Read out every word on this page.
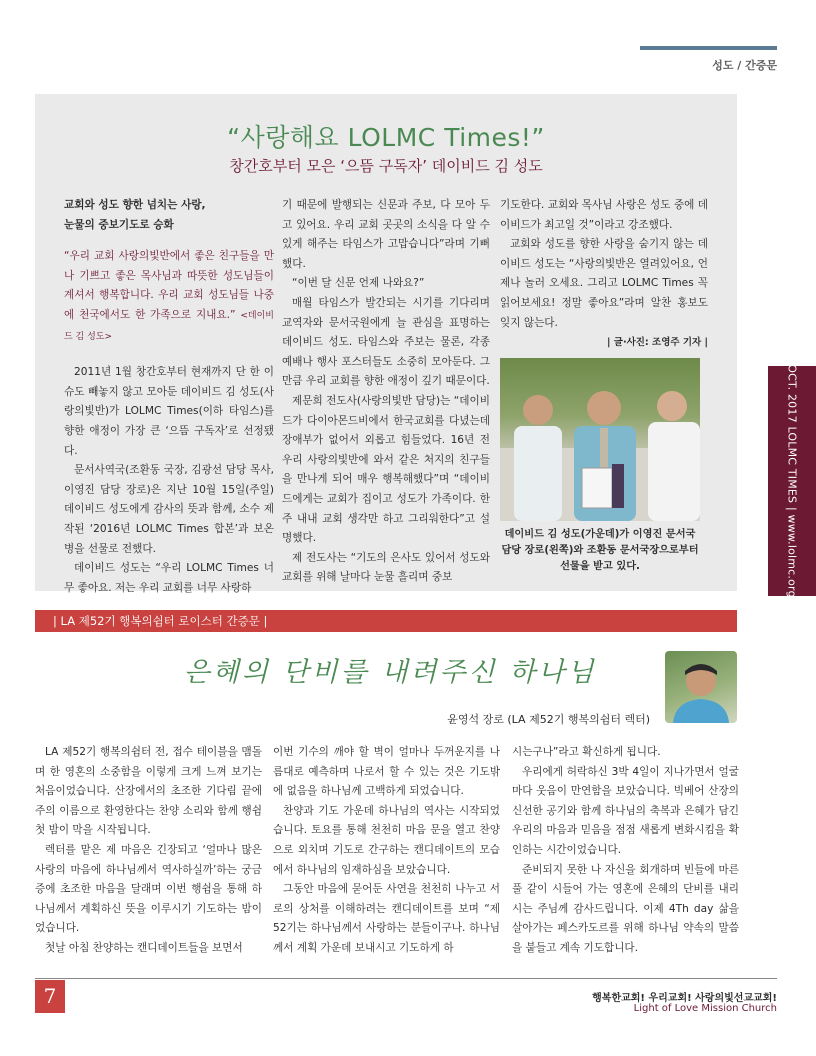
성도 / 간증문
OCT. 2017 LOLMC TIMES | www.lolmc.org
“사랑해요 LOLMC Times!”
창간호부터 모은 ‘으뜸 구독자’ 데이비드 김 성도

교회와 성도 향한 넘치는 사랑,

눈물의 중보기도로 승화

“우리 교회 사랑의빛반에서 좋은 친구들을 만나 기쁘고 좋은 목사님과 따뜻한 성도님들이 계셔서 행복합니다. 우리 교회 성도님들 나중에 천국에서도 한 가족으로 지내요.” <데이비드 김 성도>

2011년 1월 창간호부터 현재까지 단 한 이슈도 빼놓지 않고 모아둔 데이비드 김 성도(사랑의빛반)가 LOLMC Times(이하 타임스)를 향한 애정이 가장 큰 ‘으뜸 구독자’로 선정됐다.

문서사역국(조환동 국장, 김광선 담당 목사, 이영진 담당 장로)은 지난 10월 15일(주일) 데이비드 성도에게 감사의 뜻과 함께, 소수 제작된 ‘2016년 LOLMC Times 합본’과 보온병을 선물로 전했다.

데이비드 성도는 “우리 LOLMC Times 너무 좋아요. 저는 우리 교회를 너무 사랑하

기 때문에 발행되는 신문과 주보, 다 모아 두고 있어요. 우리 교회 곳곳의 소식을 다 알 수 있게 해주는 타임스가 고맙습니다”라며 기뻐했다.

“이번 달 신문 언제 나와요?”

매월 타임스가 발간되는 시기를 기다리며 교역자와 문서국원에게 늘 관심을 표명하는 데이비드 성도. 타임스와 주보는 물론, 각종 예배나 행사 포스터들도 소중히 모아둔다. 그만큼 우리 교회를 향한 애정이 깊기 때문이다.

제문희 전도사(사랑의빛반 담당)는 “데이비드가 다이아몬드비에서 한국교회를 다녔는데 장애부가 없어서 외롭고 힘들었다. 16년 전 우리 사랑의빛반에 와서 같은 처지의 친구들을 만나게 되어 매우 행복해했다”며 “데이비드에게는 교회가 집이고 성도가 가족이다. 한 주 내내 교회 생각만 하고 그리워한다”고 설명했다.

제 전도사는 “기도의 은사도 있어서 성도와 교회를 위해 날마다 눈물 흘리며 중보

기도한다. 교회와 목사님 사랑은 성도 중에 데이비드가 최고일 것”이라고 강조했다.

교회와 성도를 향한 사랑을 숨기지 않는 데이비드 성도는 “사랑의빛반은 열려있어요, 언제나 놀러 오세요. 그리고 LOLMC Times 꼭 읽어보세요! 정말 좋아요”라며 알찬 홍보도 잊지 않는다.

| 글·사진: 조영주 기자 |

데이비드 김 성도(가운데)가 이영진 문서국 담당 장로(왼쪽)와 조환동 문서국장으로부터 선물을 받고 있다.
| LA 제52기 행복의쉼터 로이스터 간증문 |
은혜의 단비를 내려주신 하나님
윤영석 장로 (LA 제52기 행복의쉼터 렉터)

LA 제52기 행복의쉼터 전, 접수 테이블을 맴돌며 한 영혼의 소중함을 이렇게 크게 느껴 보기는 처음이었습니다. 산장에서의 초조한 기다림 끝에 주의 이름으로 환영한다는 찬양 소리와 함께 행쉼 첫 밤이 막을 시작됩니다.

렉터를 맡은 제 마음은 긴장되고 ‘얼마나 많은 사랑의 마음에 하나님께서 역사하실까’하는 궁금증에 초조한 마음을 달래며 이번 행쉼을 통해 하나님께서 계획하신 뜻을 이루시기 기도하는 밤이었습니다.

첫날 아침 찬양하는 캔디데이트들을 보면서

이번 기수의 깨야 할 벽이 얼마나 두꺼운지를 나름대로 예측하며 나로서 할 수 있는 것은 기도밖에 없음을 하나님께 고백하게 되었습니다.

찬양과 기도 가운데 하나님의 역사는 시작되었습니다. 토요를 통해 천천히 마음 문을 열고 찬양으로 외치며 기도로 간구하는 캔디데이트의 모습에서 하나님의 임재하심을 보았습니다.

그동안 마음에 묻어둔 사연을 천천히 나누고 서로의 상처를 이해하려는 캔디데이트를 보며 “제52기는 하나님께서 사랑하는 분들이구나. 하나님께서 계획 가운데 보내시고 기도하게 하

시는구나”라고 확신하게 됩니다.

우리에게 허락하신 3박 4일이 지나가면서 얼굴마다 웃음이 만연함을 보았습니다. 빅베어 산장의 신선한 공기와 함께 하나님의 축복과 은혜가 담긴 우리의 마음과 믿음을 점점 새롭게 변화시킴을 확인하는 시간이었습니다.

준비되지 못한 나 자신을 회개하며 빈들에 마른풀 같이 시들어 가는 영혼에 은혜의 단비를 내리시는 주님께 감사드립니다. 이제 4Th day 삶을 살아가는 페스카도르를 위해 하나님 약속의 말씀을 붙들고 계속 기도합니다.

7	행복한교회! 우리교회! 사랑의빛선교교회!
Light of Love Mission Church
